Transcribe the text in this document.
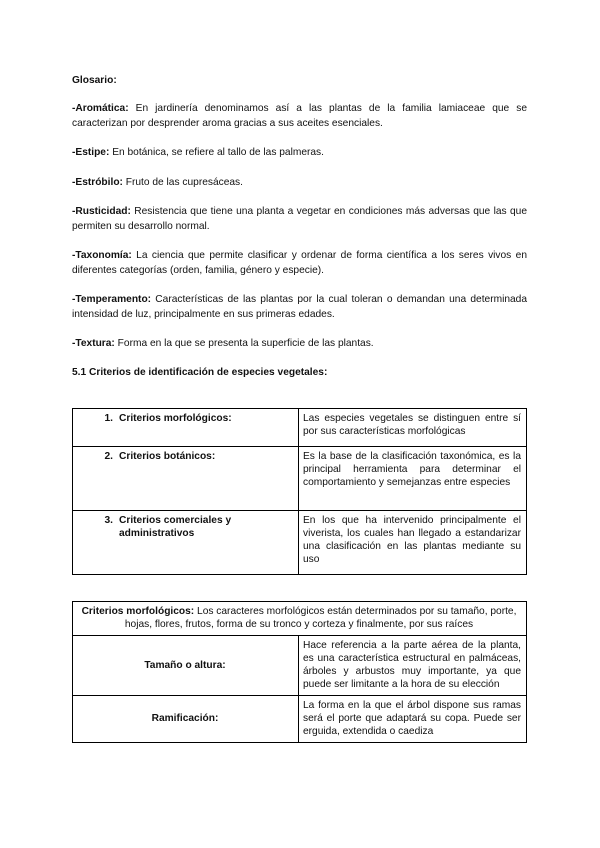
Glosario:

-Aromática: En jardinería denominamos así a las plantas de la familia lamiaceae que se caracterizan por desprender aroma gracias a sus aceites esenciales.

-Estipe: En botánica, se refiere al tallo de las palmeras.

-Estróbilo: Fruto de las cupresáceas.

-Rusticidad: Resistencia que tiene una planta a vegetar en condiciones más adversas que las que permiten su desarrollo normal.

-Taxonomía: La ciencia que permite clasificar y ordenar de forma científica a los seres vivos en diferentes categorías (orden, familia, género y especie).

-Temperamento: Características de las plantas por la cual toleran o demandan una determinada intensidad de luz, principalmente en sus primeras edades.

-Textura: Forma en la que se presenta la superficie de las plantas.

5.1 Criterios de identificación de especies vegetales:

1. Criterios morfológicos:	Las especies vegetales se distinguen entre sí por sus características morfológicas
2. Criterios botánicos:	Es la base de la clasificación taxonómica, es la principal herramienta para determinar el comportamiento y semejanzas entre especies
3. Criterios comerciales y administrativos	En los que ha intervenido principalmente el viverista, los cuales han llegado a estandarizar una clasificación en las plantas mediante su uso
Criterios morfológicos: Los caracteres morfológicos están determinados por su tamaño, porte, hojas, flores, frutos, forma de su tronco y corteza y finalmente, por sus raíces	
Tamaño o altura:	Hace referencia a la parte aérea de la planta, es una característica estructural en palmáceas, árboles y arbustos muy importante, ya que puede ser limitante a la hora de su elección
Ramificación:	La forma en la que el árbol dispone sus ramas será el porte que adaptará su copa. Puede ser erguida, extendida o caediza
